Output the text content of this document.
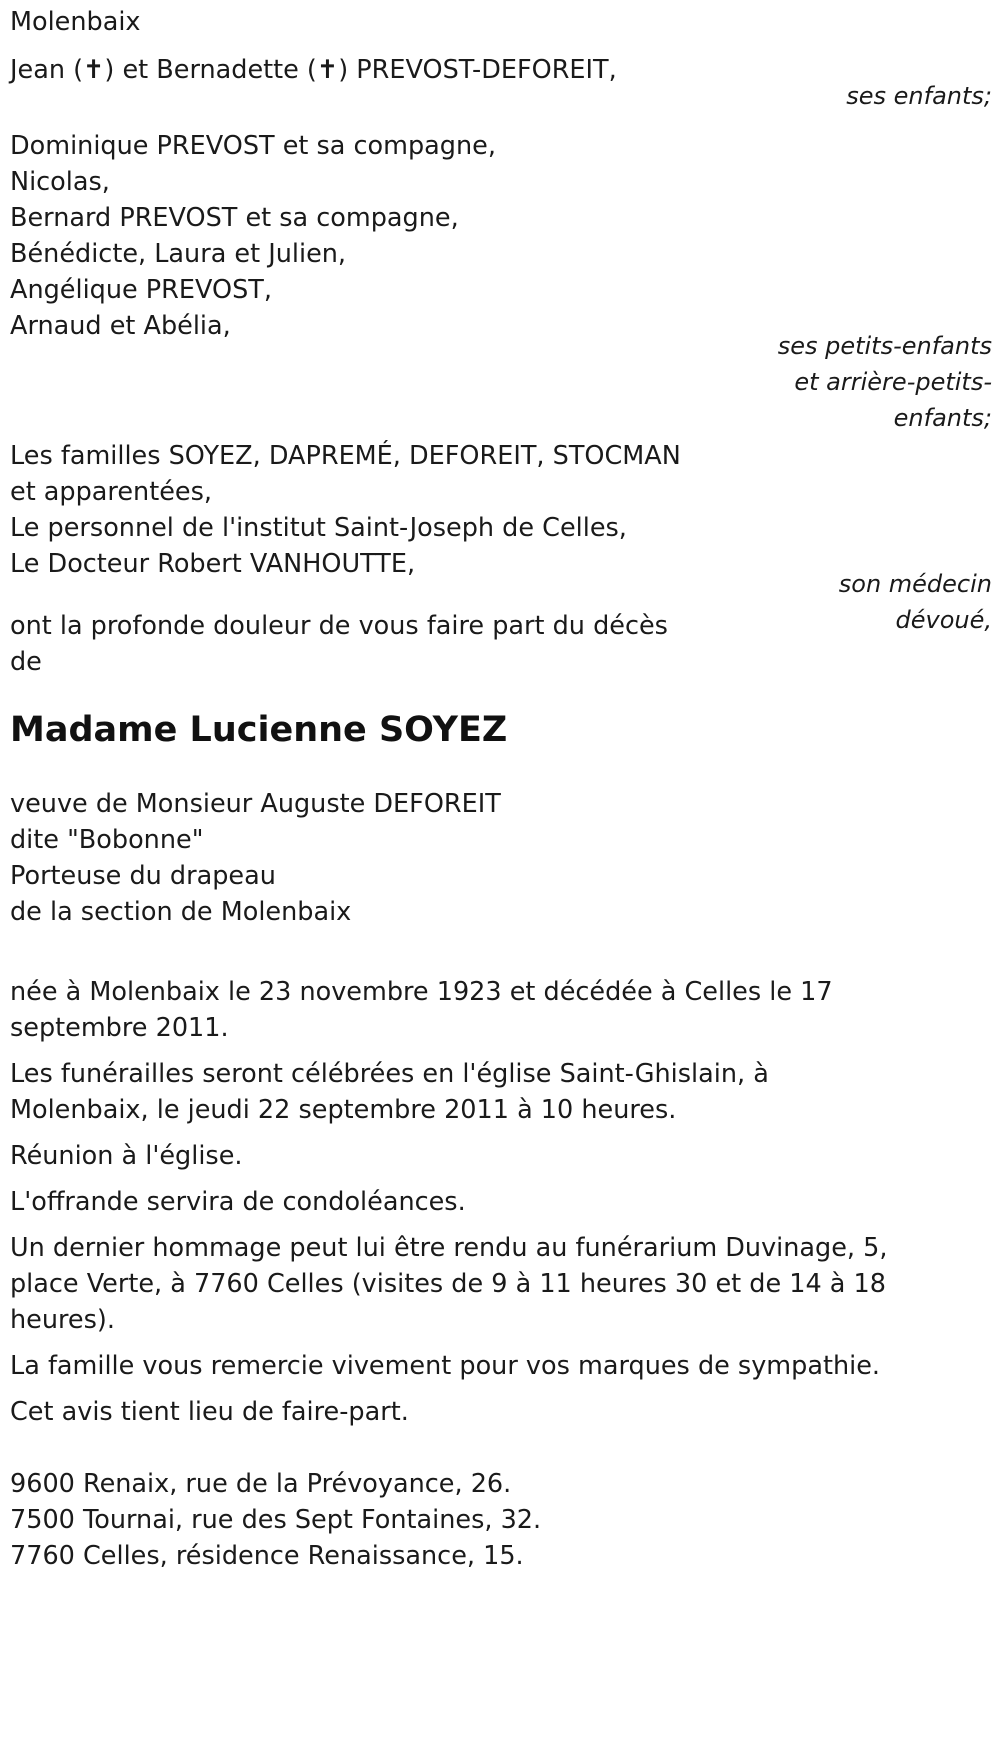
Molenbaix
Jean (✝) et Bernadette (✝) PREVOST-DEFOREIT,
ses enfants;
Dominique PREVOST et sa compagne,
Nicolas,
Bernard PREVOST et sa compagne,
Bénédicte, Laura et Julien,
Angélique PREVOST,
Arnaud et Abélia,
ses petits-enfants
et arrière-petits-
enfants;
Les familles SOYEZ, DAPREMÉ, DEFOREIT, STOCMAN
et apparentées,
Le personnel de l'institut Saint-Joseph de Celles,
Le Docteur Robert VANHOUTTE,
son médecin
dévoué,
ont la profonde douleur de vous faire part du décès
de
Madame Lucienne SOYEZ
veuve de Monsieur Auguste DEFOREIT
dite "Bobonne"
Porteuse du drapeau
de la section de Molenbaix

née à Molenbaix le 23 novembre 1923 et décédée à Celles le 17 septembre 2011.

Les funérailles seront célébrées en l'église Saint-Ghislain, à Molenbaix, le jeudi 22 septembre 2011 à 10 heures.

Réunion à l'église.

L'offrande servira de condoléances.

Un dernier hommage peut lui être rendu au funérarium Duvinage, 5, place Verte, à 7760 Celles (visites de 9 à 11 heures 30 et de 14 à 18 heures).

La famille vous remercie vivement pour vos marques de sympathie.

Cet avis tient lieu de faire-part.

9600 Renaix, rue de la Prévoyance, 26.
7500 Tournai, rue des Sept Fontaines, 32.
7760 Celles, résidence Renaissance, 15.
